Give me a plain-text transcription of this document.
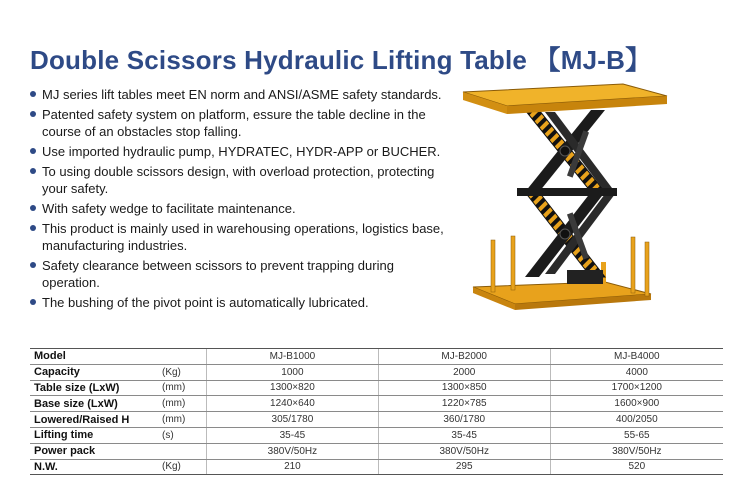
Double Scissors Hydraulic Lifting Table 【MJ-B】
MJ series lift tables meet EN norm and ANSI/ASME safety standards.
Patented safety system on platform, essure the table decline in the course of an obstacles stop falling.
Use imported hydraulic pump, HYDRATEC, HYDR-APP or BUCHER.
To using double scissors design, with overload protection, protecting your safety.
With safety wedge to facilitate maintenance.
This product is mainly used in warehousing operations, logistics base, manufacturing industries.
Safety clearance between scissors to prevent trapping during operation.
The bushing of the pivot point is automatically lubricated.
Model		MJ-B1000	MJ-B2000	MJ-B4000
Capacity	(Kg)	1000	2000	4000
Table size (LxW)	(mm)	1300×820	1300×850	1700×1200
Base size (LxW)	(mm)	1240×640	1220×785	1600×900
Lowered/Raised H	(mm)	305/1780	360/1780	400/2050
Lifting time	(s)	35-45	35-45	55-65
Power pack		380V/50Hz	380V/50Hz	380V/50Hz
N.W.	(Kg)	210	295	520
